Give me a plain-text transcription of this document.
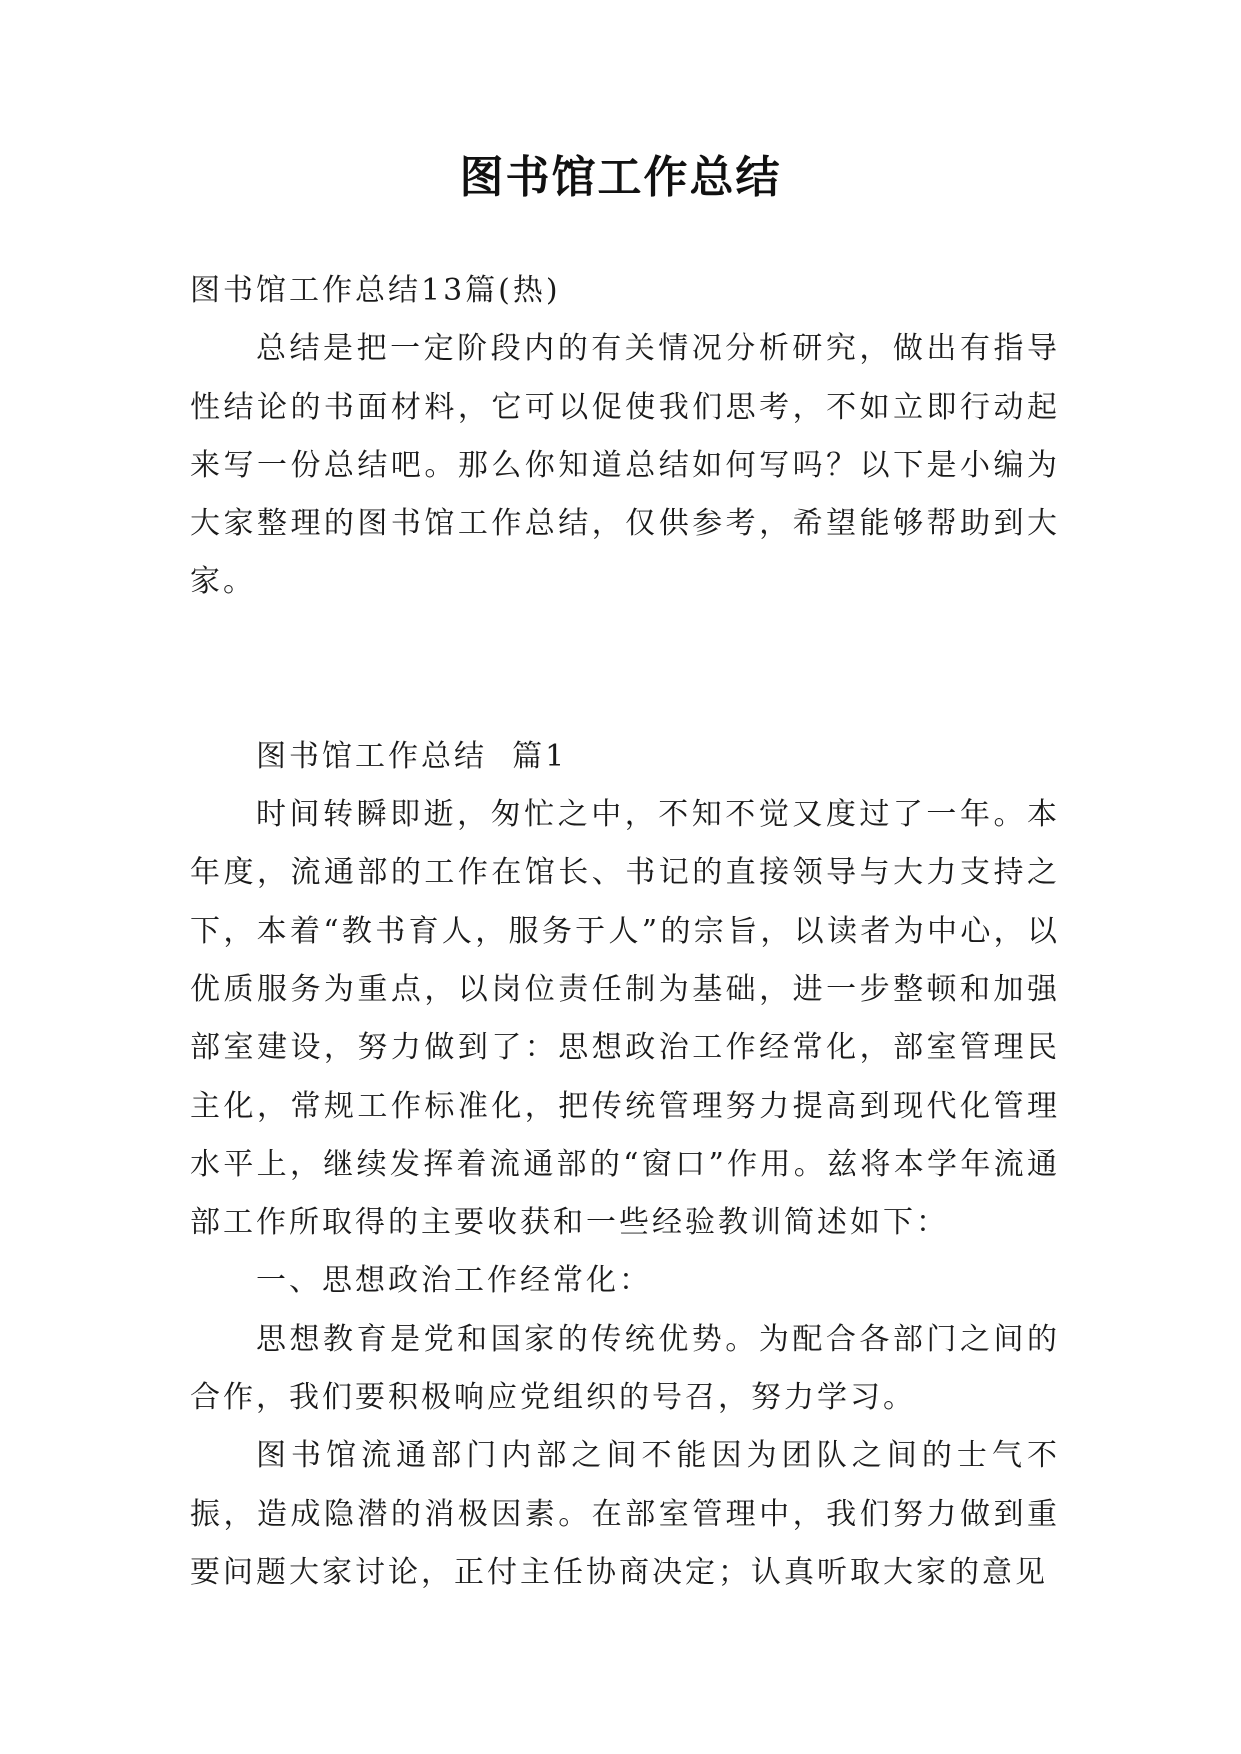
图书馆工作总结

图书馆工作总结13篇(热)

总结是把一定阶段内的有关情况分析研究，做出有指导性结论的书面材料，它可以促使我们思考，不如立即行动起来写一份总结吧。那么你知道总结如何写吗？以下是小编为大家整理的图书馆工作总结，仅供参考，希望能够帮助到大家。

图书馆工作总结  篇1

时间转瞬即逝，匆忙之中，不知不觉又度过了一年。本年度，流通部的工作在馆长、书记的直接领导与大力支持之下，本着“教书育人，服务于人”的宗旨，以读者为中心，以优质服务为重点，以岗位责任制为基础，进一步整顿和加强部室建设，努力做到了：思想政治工作经常化，部室管理民主化，常规工作标准化，把传统管理努力提高到现代化管理水平上，继续发挥着流通部的“窗口”作用。兹将本学年流通部工作所取得的主要收获和一些经验教训简述如下：

一、思想政治工作经常化：

思想教育是党和国家的传统优势。为配合各部门之间的合作，我们要积极响应党组织的号召，努力学习。

图书馆流通部门内部之间不能因为团队之间的士气不振，造成隐潜的消极因素。在部室管理中，我们努力做到重要问题大家讨论，正付主任协商决定；认真听取大家的意见
